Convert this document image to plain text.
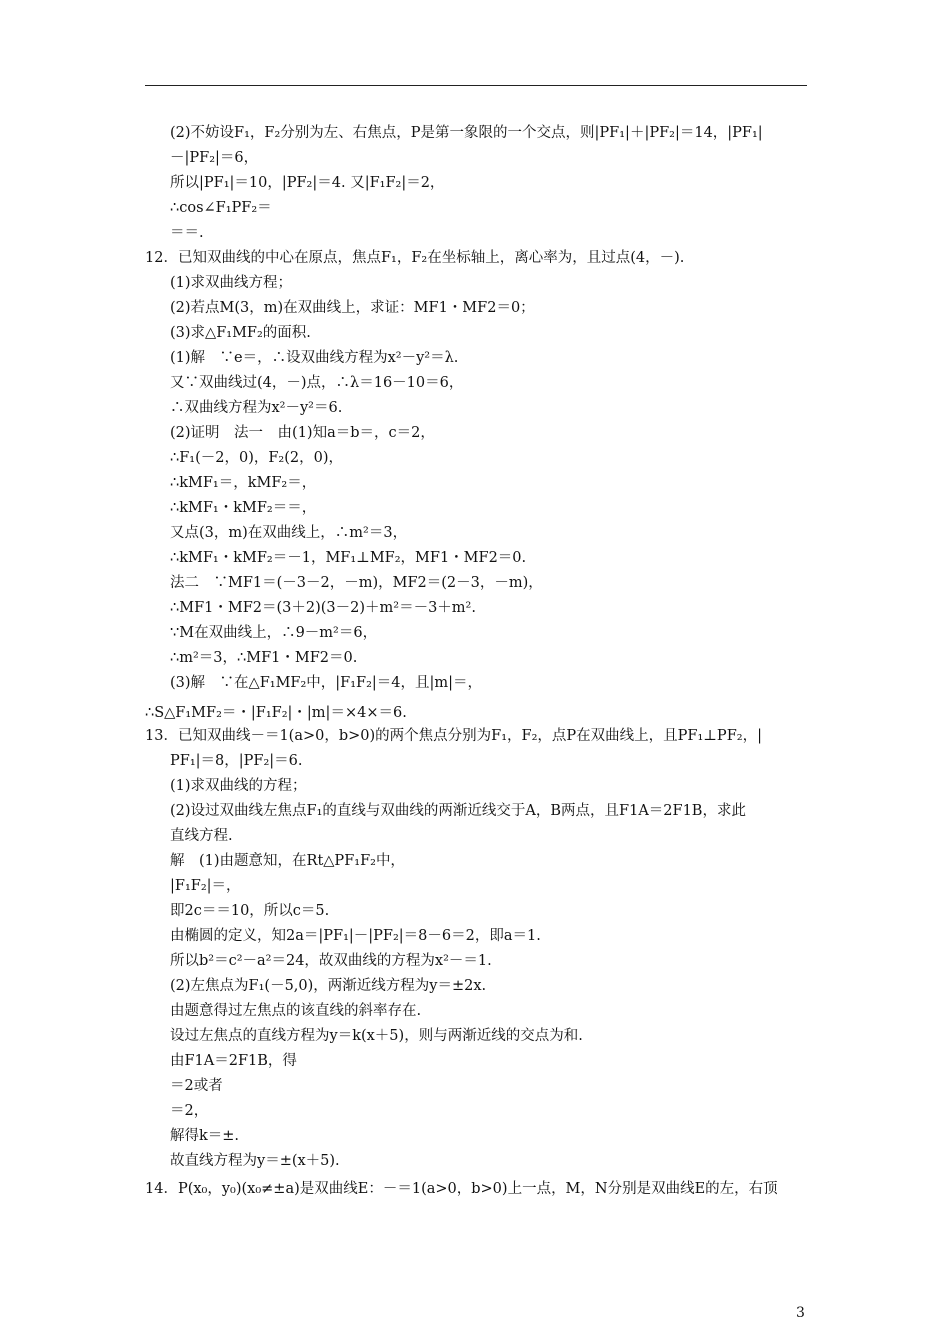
(2)不妨设F₁，F₂分别为左、右焦点，P是第一象限的一个交点，则|PF₁|＋|PF₂|＝14，|PF₁|
－|PF₂|＝6，
所以|PF₁|＝10，|PF₂|＝4. 又|F₁F₂|＝2，
∴cos∠F₁PF₂＝
＝＝.
12．已知双曲线的中心在原点，焦点F₁，F₂在坐标轴上，离心率为，且过点(4，－).
(1)求双曲线方程；
(2)若点M(3，m)在双曲线上，求证：MF1・MF2＝0；
(3)求△F₁MF₂的面积.
(1)解　∵e＝，∴设双曲线方程为x²－y²＝λ.
又∵双曲线过(4，－)点，∴λ＝16－10＝6，
∴双曲线方程为x²－y²＝6.
(2)证明　法一　由(1)知a＝b＝，c＝2，
∴F₁(－2，0)，F₂(2，0)，
∴kMF₁＝，kMF₂＝，
∴kMF₁・kMF₂＝＝，
又点(3，m)在双曲线上，∴m²＝3，
∴kMF₁・kMF₂＝－1，MF₁⊥MF₂，MF1・MF2＝0.
法二　∵MF1＝(－3－2，－m)，MF2＝(2－3，－m)，
∴MF1・MF2＝(3＋2)(3－2)＋m²＝－3＋m².
∵M在双曲线上，∴9－m²＝6，
∴m²＝3，∴MF1・MF2＝0.
(3)解　∵在△F₁MF₂中，|F₁F₂|＝4，且|m|＝，
∴S△F₁MF₂＝・|F₁F₂|・|m|＝×4×＝6.
13．已知双曲线－＝1(a>0，b>0)的两个焦点分别为F₁，F₂，点P在双曲线上，且PF₁⊥PF₂，|
PF₁|＝8，|PF₂|＝6.
(1)求双曲线的方程；
(2)设过双曲线左焦点F₁的直线与双曲线的两渐近线交于A，B两点，且F1A＝2F1B，求此
直线方程.
解　(1)由题意知，在Rt△PF₁F₂中，
|F₁F₂|＝，
即2c＝＝10，所以c＝5.
由椭圆的定义，知2a＝|PF₁|－|PF₂|＝8－6＝2，即a＝1.
所以b²＝c²－a²＝24，故双曲线的方程为x²－＝1.
(2)左焦点为F₁(－5,0)，两渐近线方程为y＝±2x.
由题意得过左焦点的该直线的斜率存在.
设过左焦点的直线方程为y＝k(x＋5)，则与两渐近线的交点为和.
由F1A＝2F1B，得
＝2或者
＝2，
解得k＝±.
故直线方程为y＝±(x＋5).
14．P(x₀，y₀)(x₀≠±a)是双曲线E：－＝1(a>0，b>0)上一点，M，N分别是双曲线E的左，右顶
3
